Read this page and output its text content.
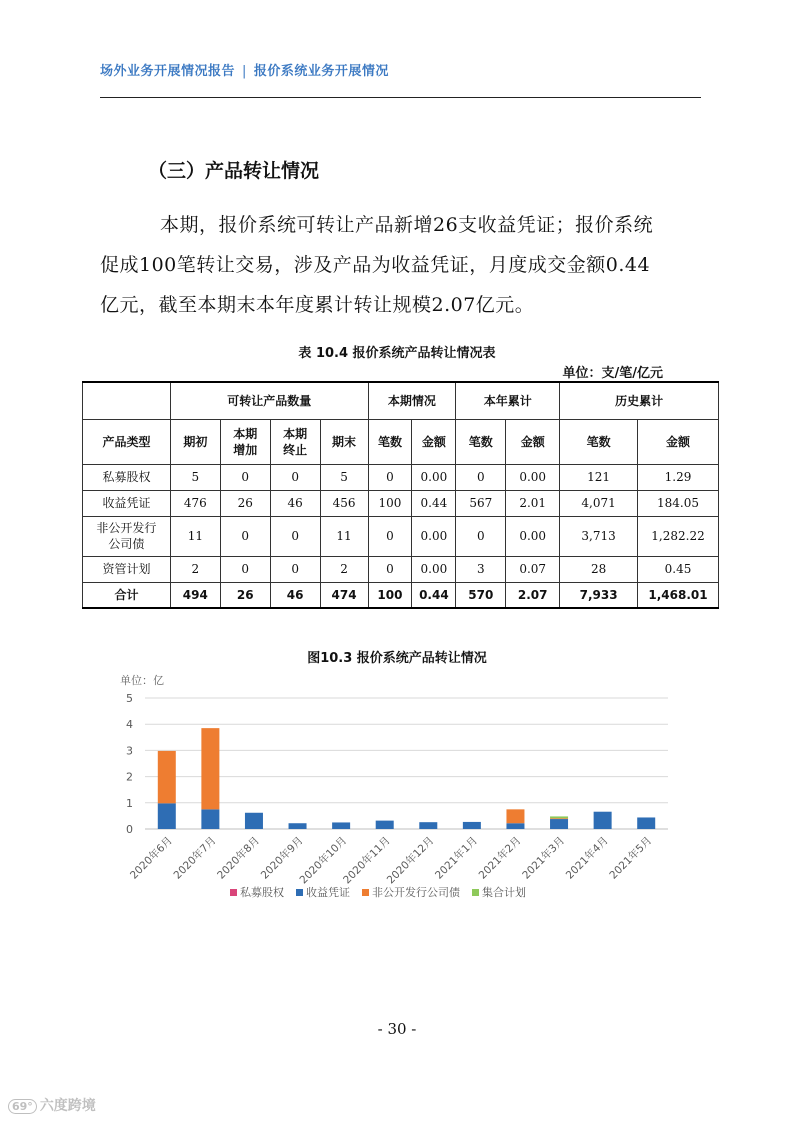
场外业务开展情况报告 | 报价系统业务开展情况
（三）产品转让情况

本期，报价系统可转让产品新增26支收益凭证；报价系统

促成100笔转让交易，涉及产品为收益凭证，月度成交金额0.44

亿元，截至本期末本年度累计转让规模2.07亿元。

表 10.4 报价系统产品转让情况表
单位：支/笔/亿元
	可转让产品数量				本期情况		本年累计		历史累计	
产品类型	期初	本期增加	本期终止	期末	笔数	金额	笔数	金额	笔数	金额
私募股权	5	0	0	5	0	0.00	0	0.00	121	1.29
收益凭证	476	26	46	456	100	0.44	567	2.01	4,071	184.05

非公开发行公司债	11	0	0	11	0	0.00	0	0.00	3,713	1,282.22
资管计划	2	0	0	2	0	0.00	3	0.07	28	0.45
合计	494	26	46	474	100	0.44	570	2.07	7,933	1,468.01
图10.3 报价系统产品转让情况
单位：亿
0
1
2
3
4
5
2020年6月
2020年7月
2020年8月
2020年9月
2020年10月
2020年11月
2020年12月
2021年1月
2021年2月
2021年3月
2021年4月
2021年5月
私募股权 收益凭证 非公开发行公司债 集合计划
- 30 -
69° 六度跨境
